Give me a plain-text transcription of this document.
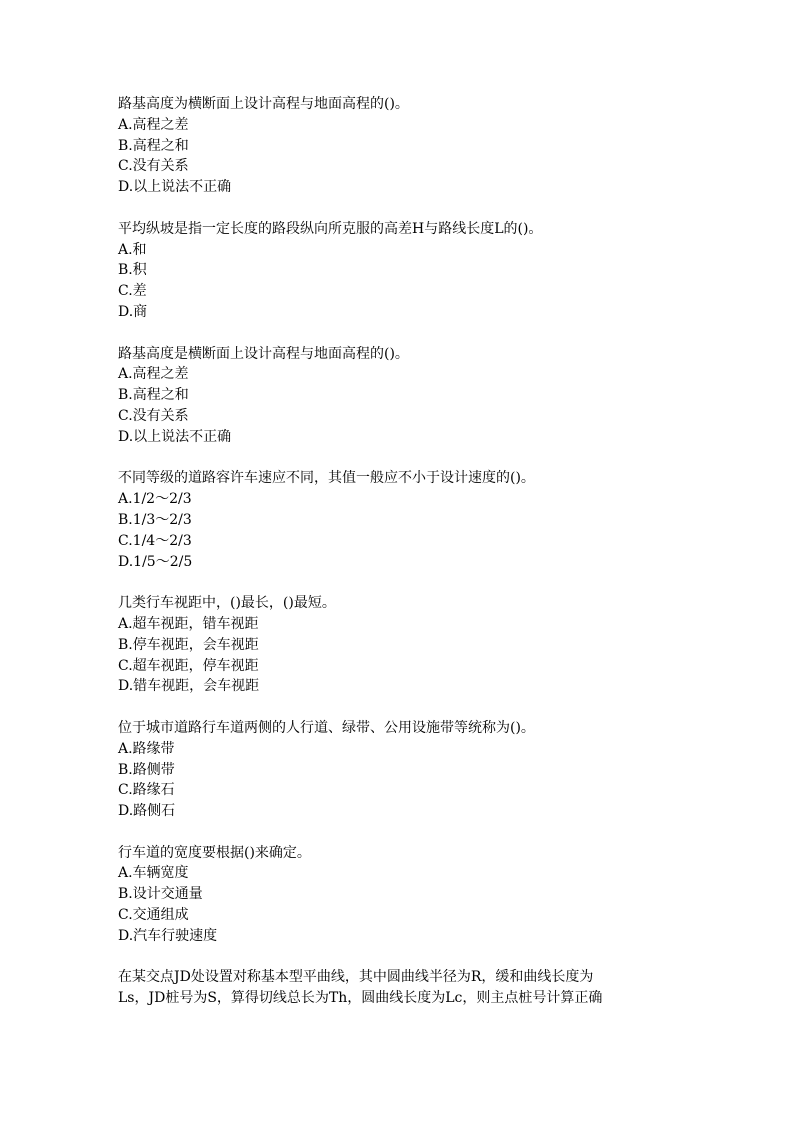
路基高度为横断面上设计高程与地面高程的()。
A.高程之差
B.高程之和
C.没有关系
D.以上说法不正确
平均纵坡是指一定长度的路段纵向所克服的高差H与路线长度L的()。
A.和
B.积
C.差
D.商
路基高度是横断面上设计高程与地面高程的()。
A.高程之差
B.高程之和
C.没有关系
D.以上说法不正确
不同等级的道路容许车速应不同，其值一般应不小于设计速度的()。
A.1/2～2/3
B.1/3～2/3
C.1/4～2/3
D.1/5～2/5
几类行车视距中，()最长，()最短。
A.超车视距，错车视距
B.停车视距，会车视距
C.超车视距，停车视距
D.错车视距，会车视距
位于城市道路行车道两侧的人行道、绿带、公用设施带等统称为()。
A.路缘带
B.路侧带
C.路缘石
D.路侧石
行车道的宽度要根据()来确定。
A.车辆宽度
B.设计交通量
C.交通组成
D.汽车行驶速度
在某交点JD处设置对称基本型平曲线，其中圆曲线半径为R，缓和曲线长度为
Ls，JD桩号为S，算得切线总长为Th，圆曲线长度为Lc，则主点桩号计算正确
